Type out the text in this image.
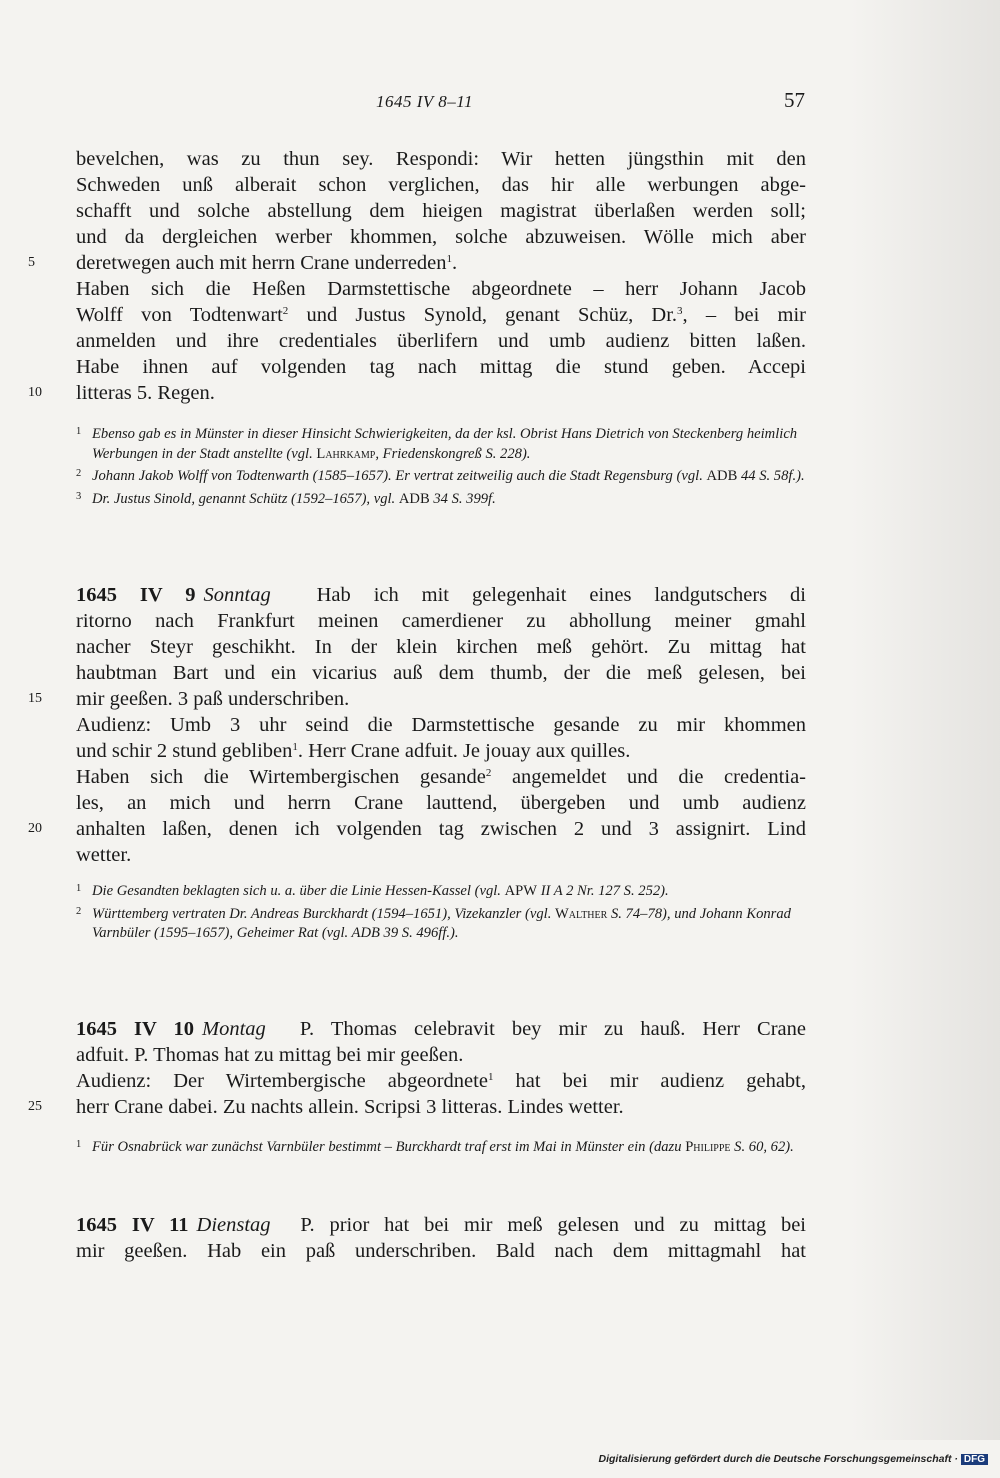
1645 IV 8–11	57
bevelchen, was zu thun sey. Respondi: Wir hetten jüngsthin mit den
Schweden unß alberait schon verglichen, das hir alle werbungen abge-
schafft und solche abstellung dem hieigen magistrat überlaßen werden soll;
und da dergleichen werber khommen, solche abzuweisen. Wölle mich aber
deretwegen auch mit herrn Crane underreden$^1$.
Haben sich die Heßen Darmstettische abgeordnete – herr Johann Jacob
Wolff von Todtenwart$^2$ und Justus Synold, genant Schüz, Dr.$^3$, – bei mir
anmelden und ihre credentiales überlifern und umb audienz bitten laßen.
Habe ihnen auf volgenden tag nach mittag die stund geben. Accepi
litteras 5. Regen.
5
10
1 Ebenso gab es in Münster in dieser Hinsicht Schwierigkeiten, da der ksl. Obrist Hans Dietrich von Steckenberg heimlich Werbungen in der Stadt anstellte (vgl. Lahrkamp, Friedenskongreß S. 228).
2 Johann Jakob Wolff von Todtenwarth (1585–1657). Er vertrat zeitweilig auch die Stadt Regensburg (vgl. ADB 44 S. 58f.).
3 Dr. Justus Sinold, genannt Schütz (1592–1657), vgl. ADB 34 S. 399f.
1645 IV 9 Sonntag Hab ich mit gelegenhait eines landgutschers di
ritorno nach Frankfurt meinen camerdiener zu abhollung meiner gmahl
nacher Steyr geschikht. In der klein kirchen meß gehört. Zu mittag hat
haubtman Bart und ein vicarius auß dem thumb, der die meß gelesen, bei
mir geeßen. 3 paß underschriben.
Audienz: Umb 3 uhr seind die Darmstettische gesande zu mir khommen
und schir 2 stund gebliben$^1$. Herr Crane adfuit. Je jouay aux quilles.
Haben sich die Wirtembergischen gesande$^2$ angemeldet und die credentia-
les, an mich und herrn Crane lauttend, übergeben und umb audienz
anhalten laßen, denen ich volgenden tag zwischen 2 und 3 assignirt. Lind
wetter.
15
20
1 Die Gesandten beklagten sich u. a. über die Linie Hessen-Kassel (vgl. APW II A 2 Nr. 127 S. 252).
2 Württemberg vertraten Dr. Andreas Burckhardt (1594–1651), Vizekanzler (vgl. Walther S. 74–78), und Johann Konrad Varnbüler (1595–1657), Geheimer Rat (vgl. ADB 39 S. 496ff.).
1645 IV 10 Montag P. Thomas celebravit bey mir zu hauß. Herr Crane
adfuit. P. Thomas hat zu mittag bei mir geeßen.
Audienz: Der Wirtembergische abgeordnete$^1$ hat bei mir audienz gehabt,
herr Crane dabei. Zu nachts allein. Scripsi 3 litteras. Lindes wetter.
25
1 Für Osnabrück war zunächst Varnbüler bestimmt – Burckhardt traf erst im Mai in Münster ein (dazu Philippe S. 60, 62).
1645 IV 11 Dienstag P. prior hat bei mir meß gelesen und zu mittag bei
mir geeßen. Hab ein paß underschriben. Bald nach dem mittagmahl hat
Digitalisierung gefördert durch die Deutsche Forschungsgemeinschaft · DFG
